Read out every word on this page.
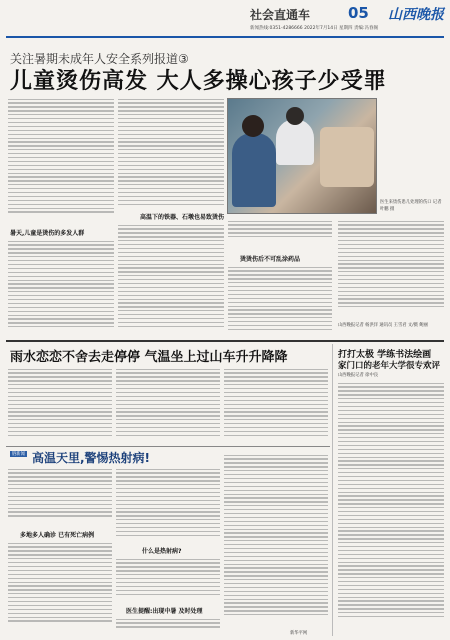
社会直通车	05 山西晚报
新闻热线:0351-4286666 2022年7月14日 星期四 责编:冯春阁
关注暑期未成年人安全系列报道③
儿童烫伤高发 大人多操心孩子少受罪
暑天,儿童是烫伤的多发人群
高温下的铁器、石墩也易致烫伤
医生来烫伤患儿处理的伤口 记者 叶鹏 摄
烫烫伤后不可乱涂药品
山西晚报记者 杨洪洋 通讯员 王雪君 文/摄 鲍丽
雨水恋恋不舍去走停停 气温坐上过山车升升降降
链新闻 高温天里,警惕热射病!
多地多人确诊 已有死亡病例
什么是热射病?
医生提醒:出现中暑 及时处理
新华平网
打打太极 学练书法绘画
家门口的老年大学很专欢评
山西晚报记者 徐中良
